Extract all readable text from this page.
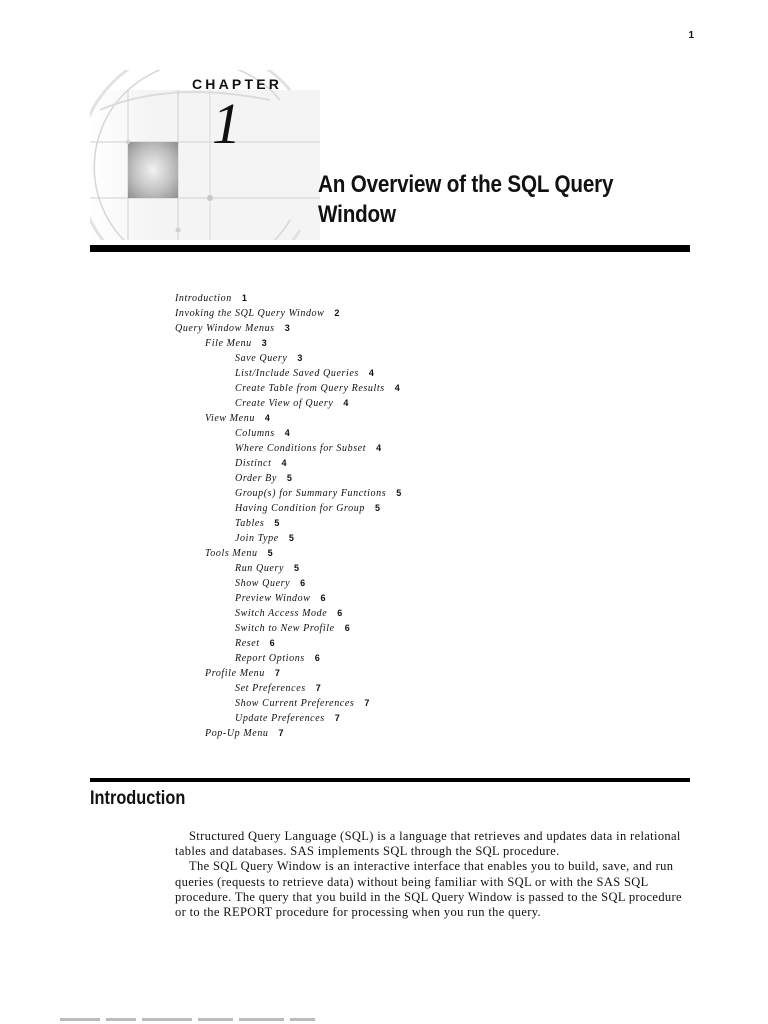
1
CHAPTER
1
An Overview of the SQL Query
Window
Introduction 1
Invoking the SQL Query Window 2
Query Window Menus 3
File Menu 3
Save Query 3
List/Include Saved Queries 4
Create Table from Query Results 4
Create View of Query 4
View Menu 4
Columns 4
Where Conditions for Subset 4
Distinct 4
Order By 5
Group(s) for Summary Functions 5
Having Condition for Group 5
Tables 5
Join Type 5
Tools Menu 5
Run Query 5
Show Query 6
Preview Window 6
Switch Access Mode 6
Switch to New Profile 6
Reset 6
Report Options 6
Profile Menu 7
Set Preferences 7
Show Current Preferences 7
Update Preferences 7
Pop-Up Menu 7
Introduction

Structured Query Language (SQL) is a language that retrieves and updates data in relational tables and databases. SAS implements SQL through the SQL procedure.

The SQL Query Window is an interactive interface that enables you to build, save, and run queries (requests to retrieve data) without being familiar with SQL or with the SAS SQL procedure. The query that you build in the SQL Query Window is passed to the SQL procedure or to the REPORT procedure for processing when you run the query.
